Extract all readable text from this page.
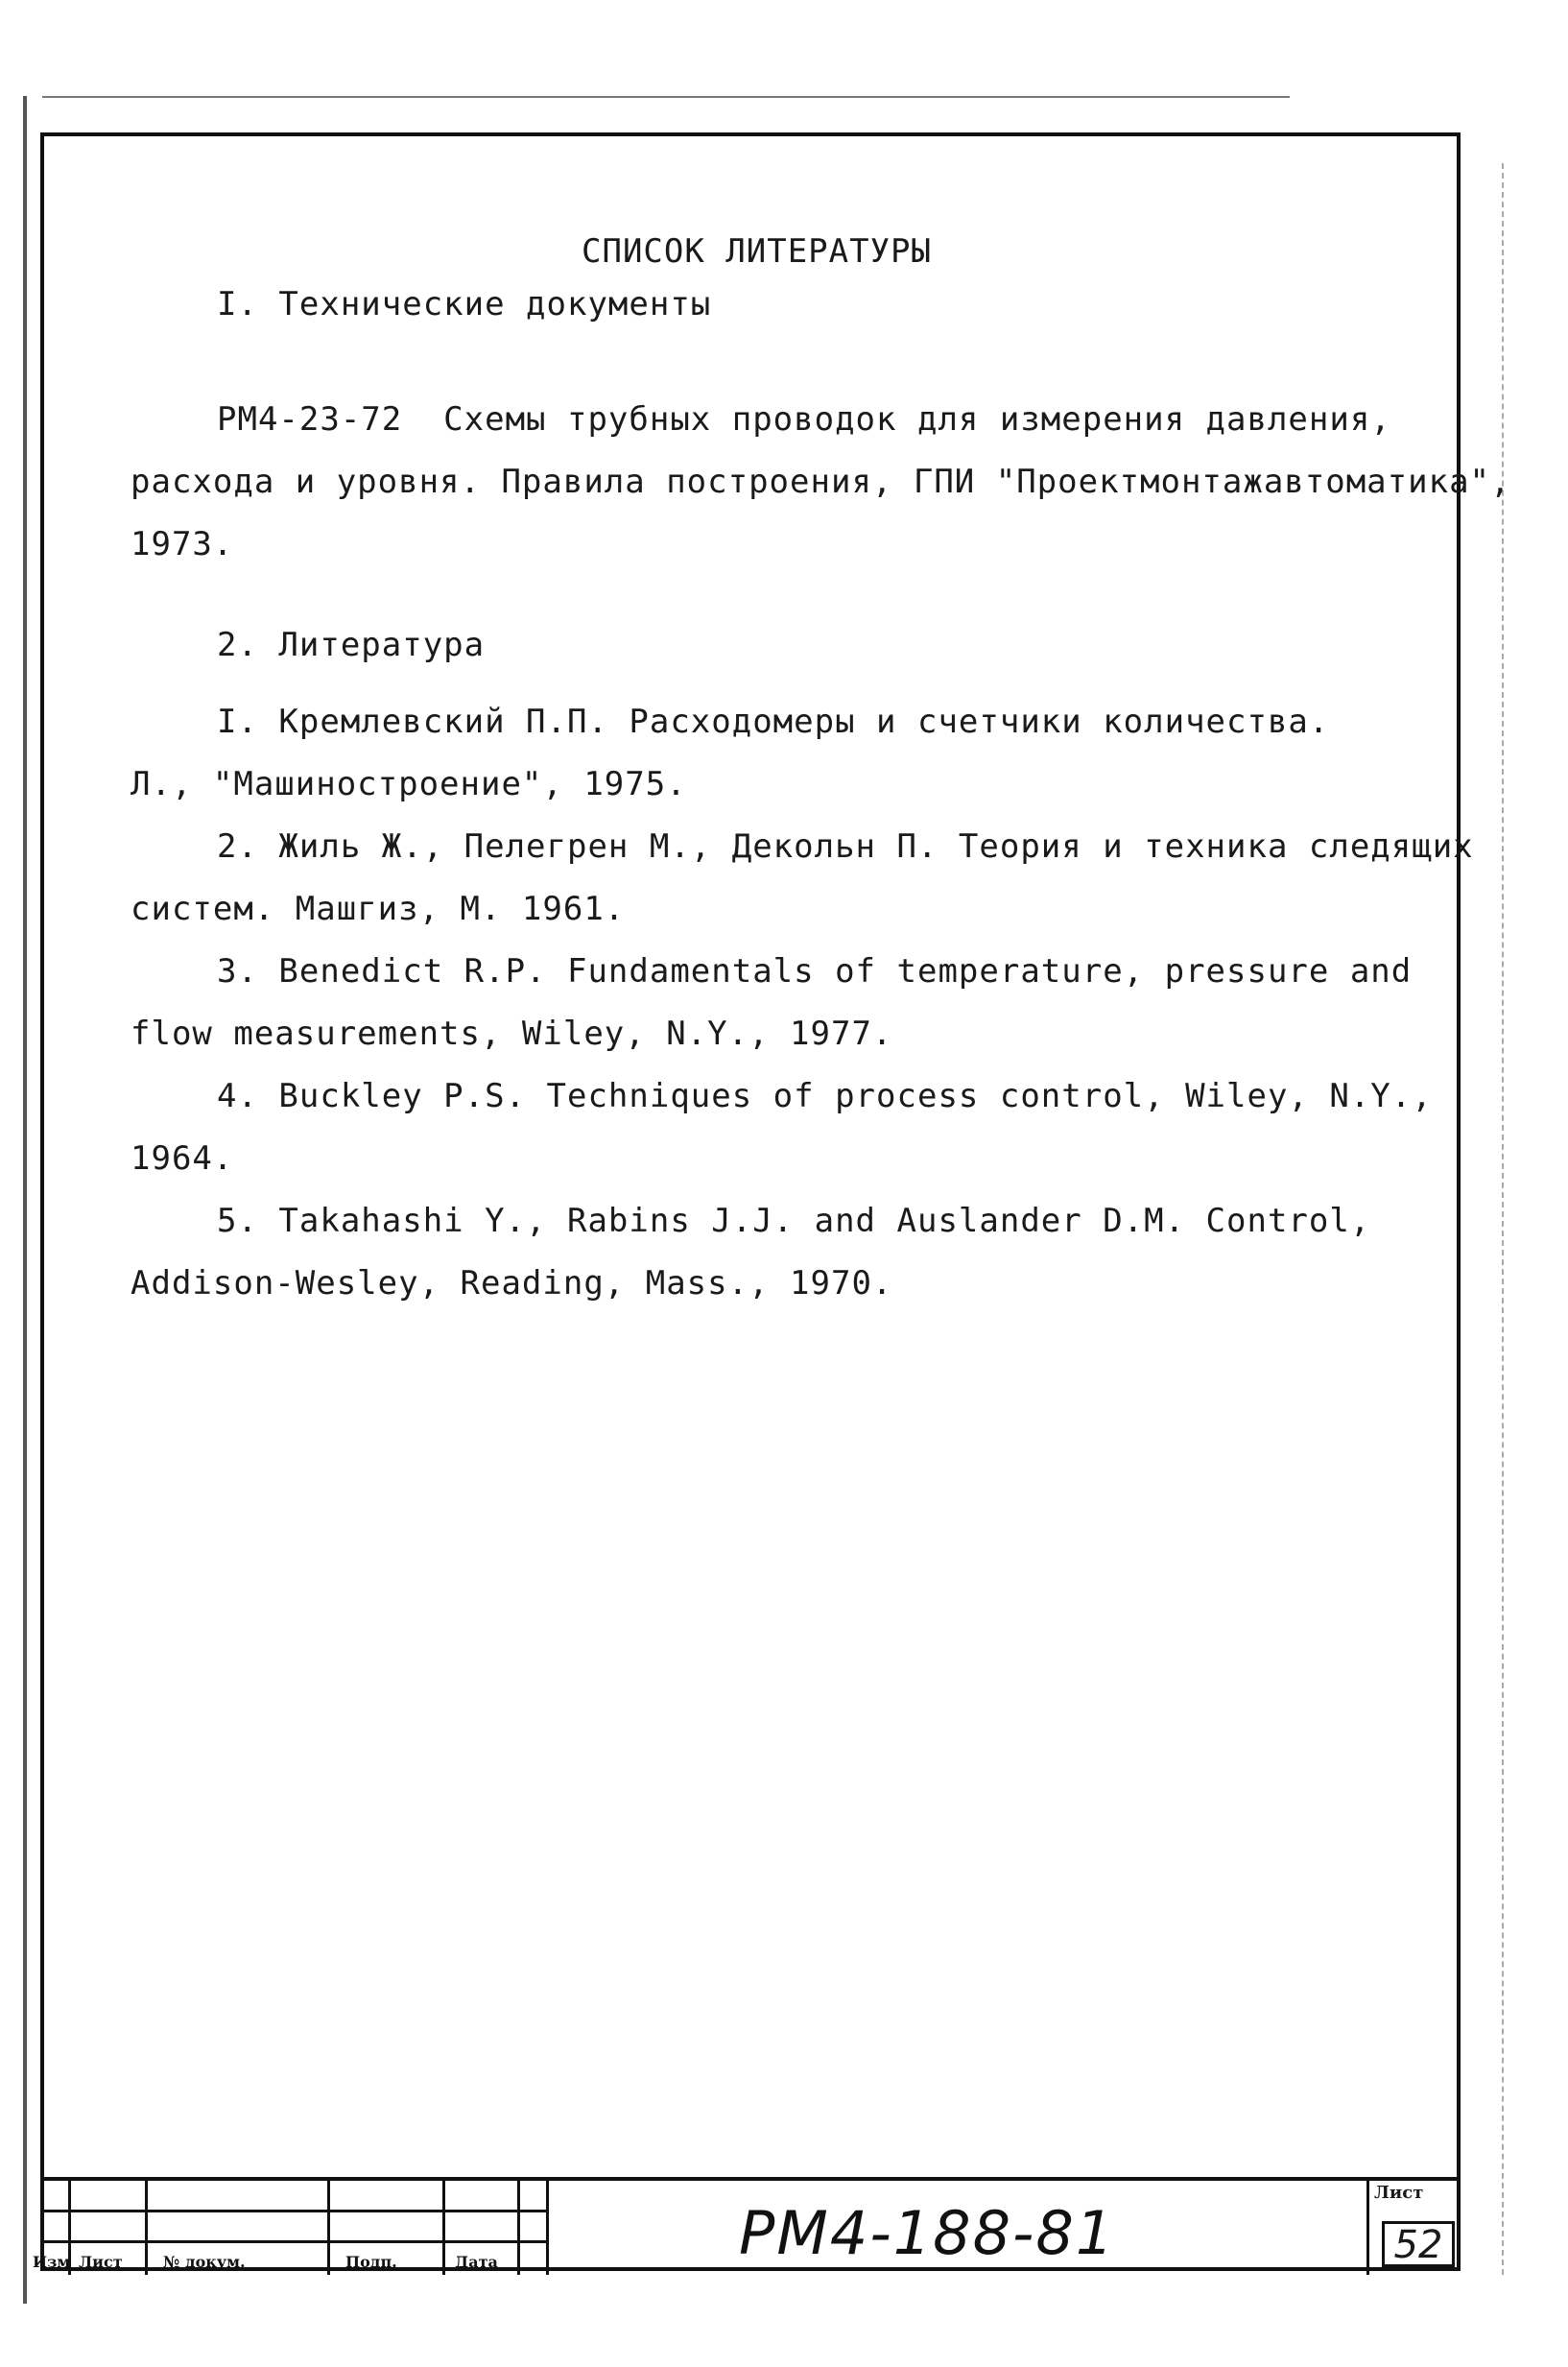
СПИСОК ЛИТЕРАТУРЫ
I. Технические документы
РМ4-23-72  Схемы трубных проводок для измерения давления,
расхода и уровня. Правила построения, ГПИ "Проектмонтажавтоматика",
1973.
2. Литература
I. Кремлевский П.П. Расходомеры и счетчики количества.
Л., "Машиностроение", 1975.
2. Жиль Ж., Пелегрен М., Декольн П. Теория и техника следящих
систем. Машгиз, М. 1961.
3. Benedict R.P. Fundamentals of temperature, pressure and
flow measurements, Wiley, N.Y., 1977.
4. Buckley P.S. Techniques of process control, Wiley, N.Y.,
1964.
5. Takahashi Y., Rabins J.J. and Auslander D.M. Control,
Addison-Wesley, Reading, Mass., 1970.
Изм Лист	№ докум.	Подп.	Дата	РМ4-188-81
Лист
52
